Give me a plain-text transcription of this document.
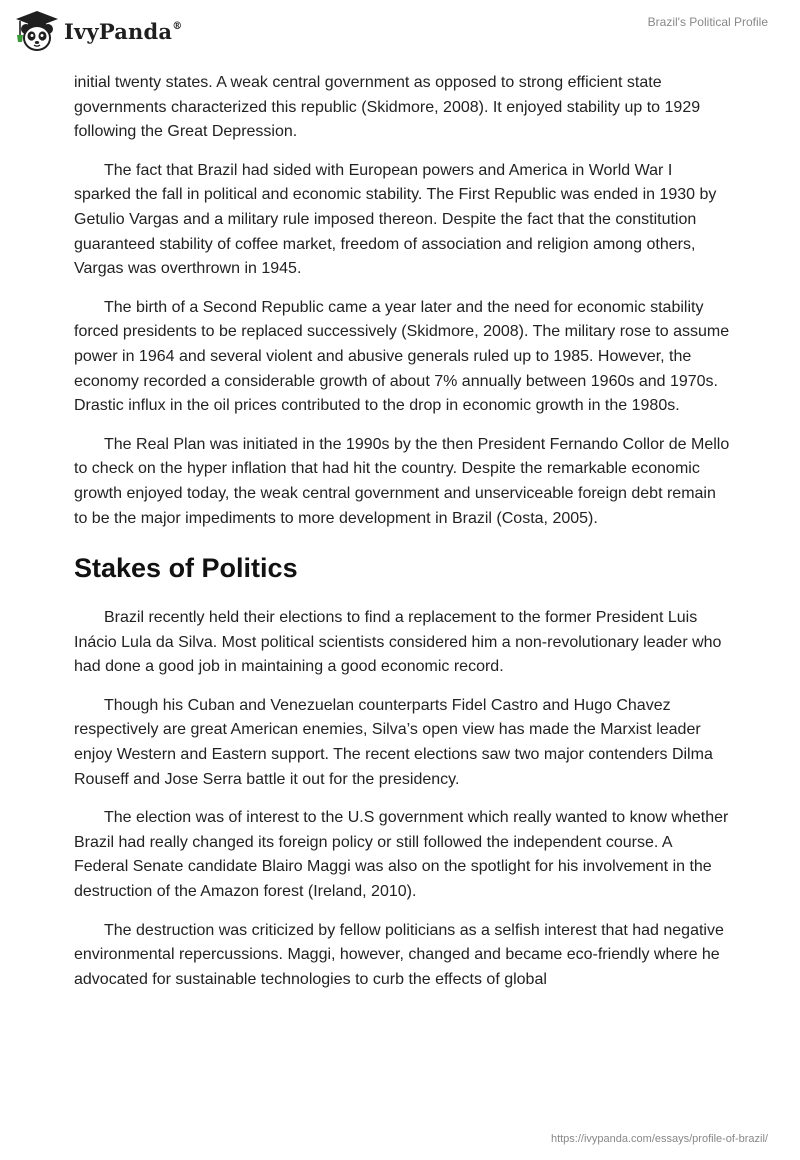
IvyPanda®	Brazil's Political Profile

initial twenty states. A weak central government as opposed to strong efficient state governments characterized this republic (Skidmore, 2008). It enjoyed stability up to 1929 following the Great Depression.

The fact that Brazil had sided with European powers and America in World War I sparked the fall in political and economic stability. The First Republic was ended in 1930 by Getulio Vargas and a military rule imposed thereon. Despite the fact that the constitution guaranteed stability of coffee market, freedom of association and religion among others, Vargas was overthrown in 1945.

The birth of a Second Republic came a year later and the need for economic stability forced presidents to be replaced successively (Skidmore, 2008). The military rose to assume power in 1964 and several violent and abusive generals ruled up to 1985. However, the economy recorded a considerable growth of about 7% annually between 1960s and 1970s. Drastic influx in the oil prices contributed to the drop in economic growth in the 1980s.

The Real Plan was initiated in the 1990s by the then President Fernando Collor de Mello to check on the hyper inflation that had hit the country. Despite the remarkable economic growth enjoyed today, the weak central government and unserviceable foreign debt remain to be the major impediments to more development in Brazil (Costa, 2005).

Stakes of Politics

Brazil recently held their elections to find a replacement to the former President Luis Inácio Lula da Silva. Most political scientists considered him a non-revolutionary leader who had done a good job in maintaining a good economic record.

Though his Cuban and Venezuelan counterparts Fidel Castro and Hugo Chavez respectively are great American enemies, Silva’s open view has made the Marxist leader enjoy Western and Eastern support. The recent elections saw two major contenders Dilma Rouseff and Jose Serra battle it out for the presidency.

The election was of interest to the U.S government which really wanted to know whether Brazil had really changed its foreign policy or still followed the independent course. A Federal Senate candidate Blairo Maggi was also on the spotlight for his involvement in the destruction of the Amazon forest (Ireland, 2010).

The destruction was criticized by fellow politicians as a selfish interest that had negative environmental repercussions. Maggi, however, changed and became eco-friendly where he advocated for sustainable technologies to curb the effects of global

https://ivypanda.com/essays/profile-of-brazil/
